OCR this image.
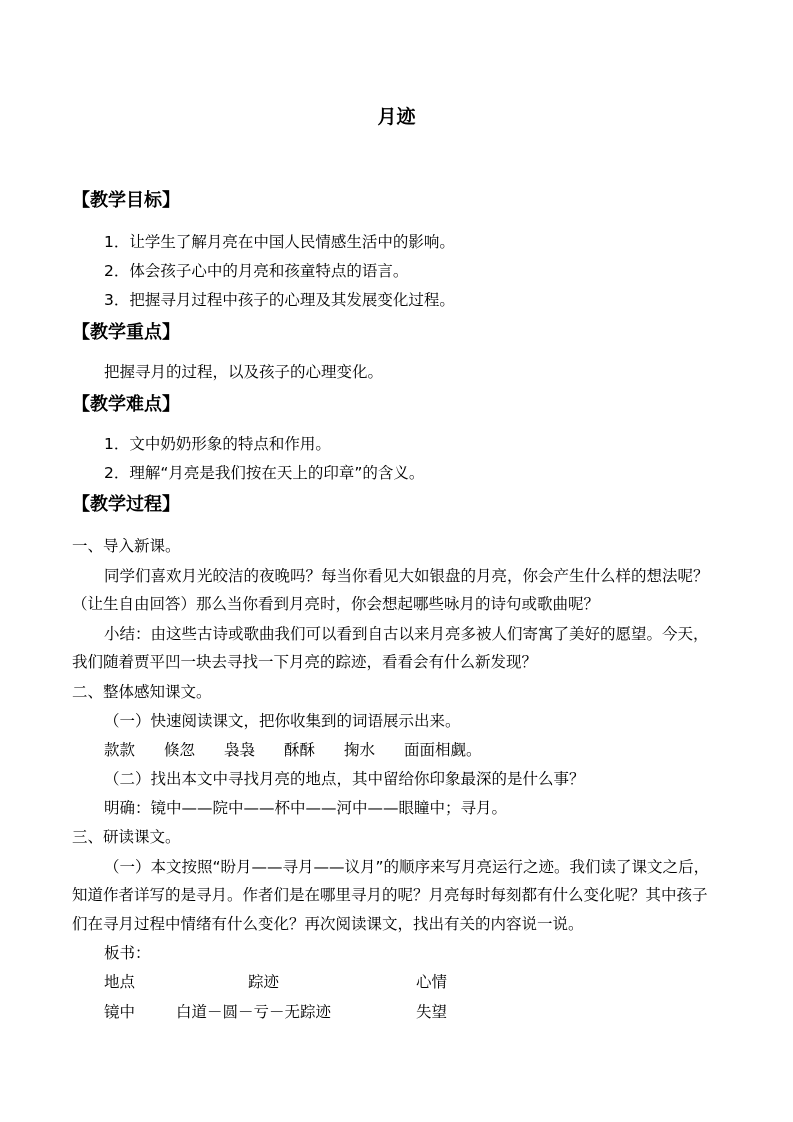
月迹
【教学目标】
1．让学生了解月亮在中国人民情感生活中的影响。
2．体会孩子心中的月亮和孩童特点的语言。
3．把握寻月过程中孩子的心理及其发展变化过程。
【教学重点】
把握寻月的过程，以及孩子的心理变化。
【教学难点】
1．文中奶奶形象的特点和作用。
2．理解“月亮是我们按在天上的印章”的含义。
【教学过程】
一、导入新课。
同学们喜欢月光皎洁的夜晚吗？每当你看见大如银盘的月亮，你会产生什么样的想法呢？
（让生自由回答）那么当你看到月亮时，你会想起哪些咏月的诗句或歌曲呢？
小结：由这些古诗或歌曲我们可以看到自古以来月亮多被人们寄寓了美好的愿望。今天，
我们随着贾平凹一块去寻找一下月亮的踪迹，看看会有什么新发现？
二、整体感知课文。
（一）快速阅读课文，把你收集到的词语展示出来。
款款 倏忽 袅袅 酥酥 掬水 面面相觑。
（二）找出本文中寻找月亮的地点，其中留给你印象最深的是什么事？
明确：镜中——院中——杯中——河中——眼瞳中；寻月。
三、研读课文。
（一）本文按照“盼月——寻月——议月”的顺序来写月亮运行之迹。我们读了课文之后，
知道作者详写的是寻月。作者们是在哪里寻月的呢？月亮每时每刻都有什么变化呢？其中孩子
们在寻月过程中情绪有什么变化？再次阅读课文，找出有关的内容说一说。
板书：
地点	踪迹	心情
镜中	白道－圆－亏－无踪迹	失望
